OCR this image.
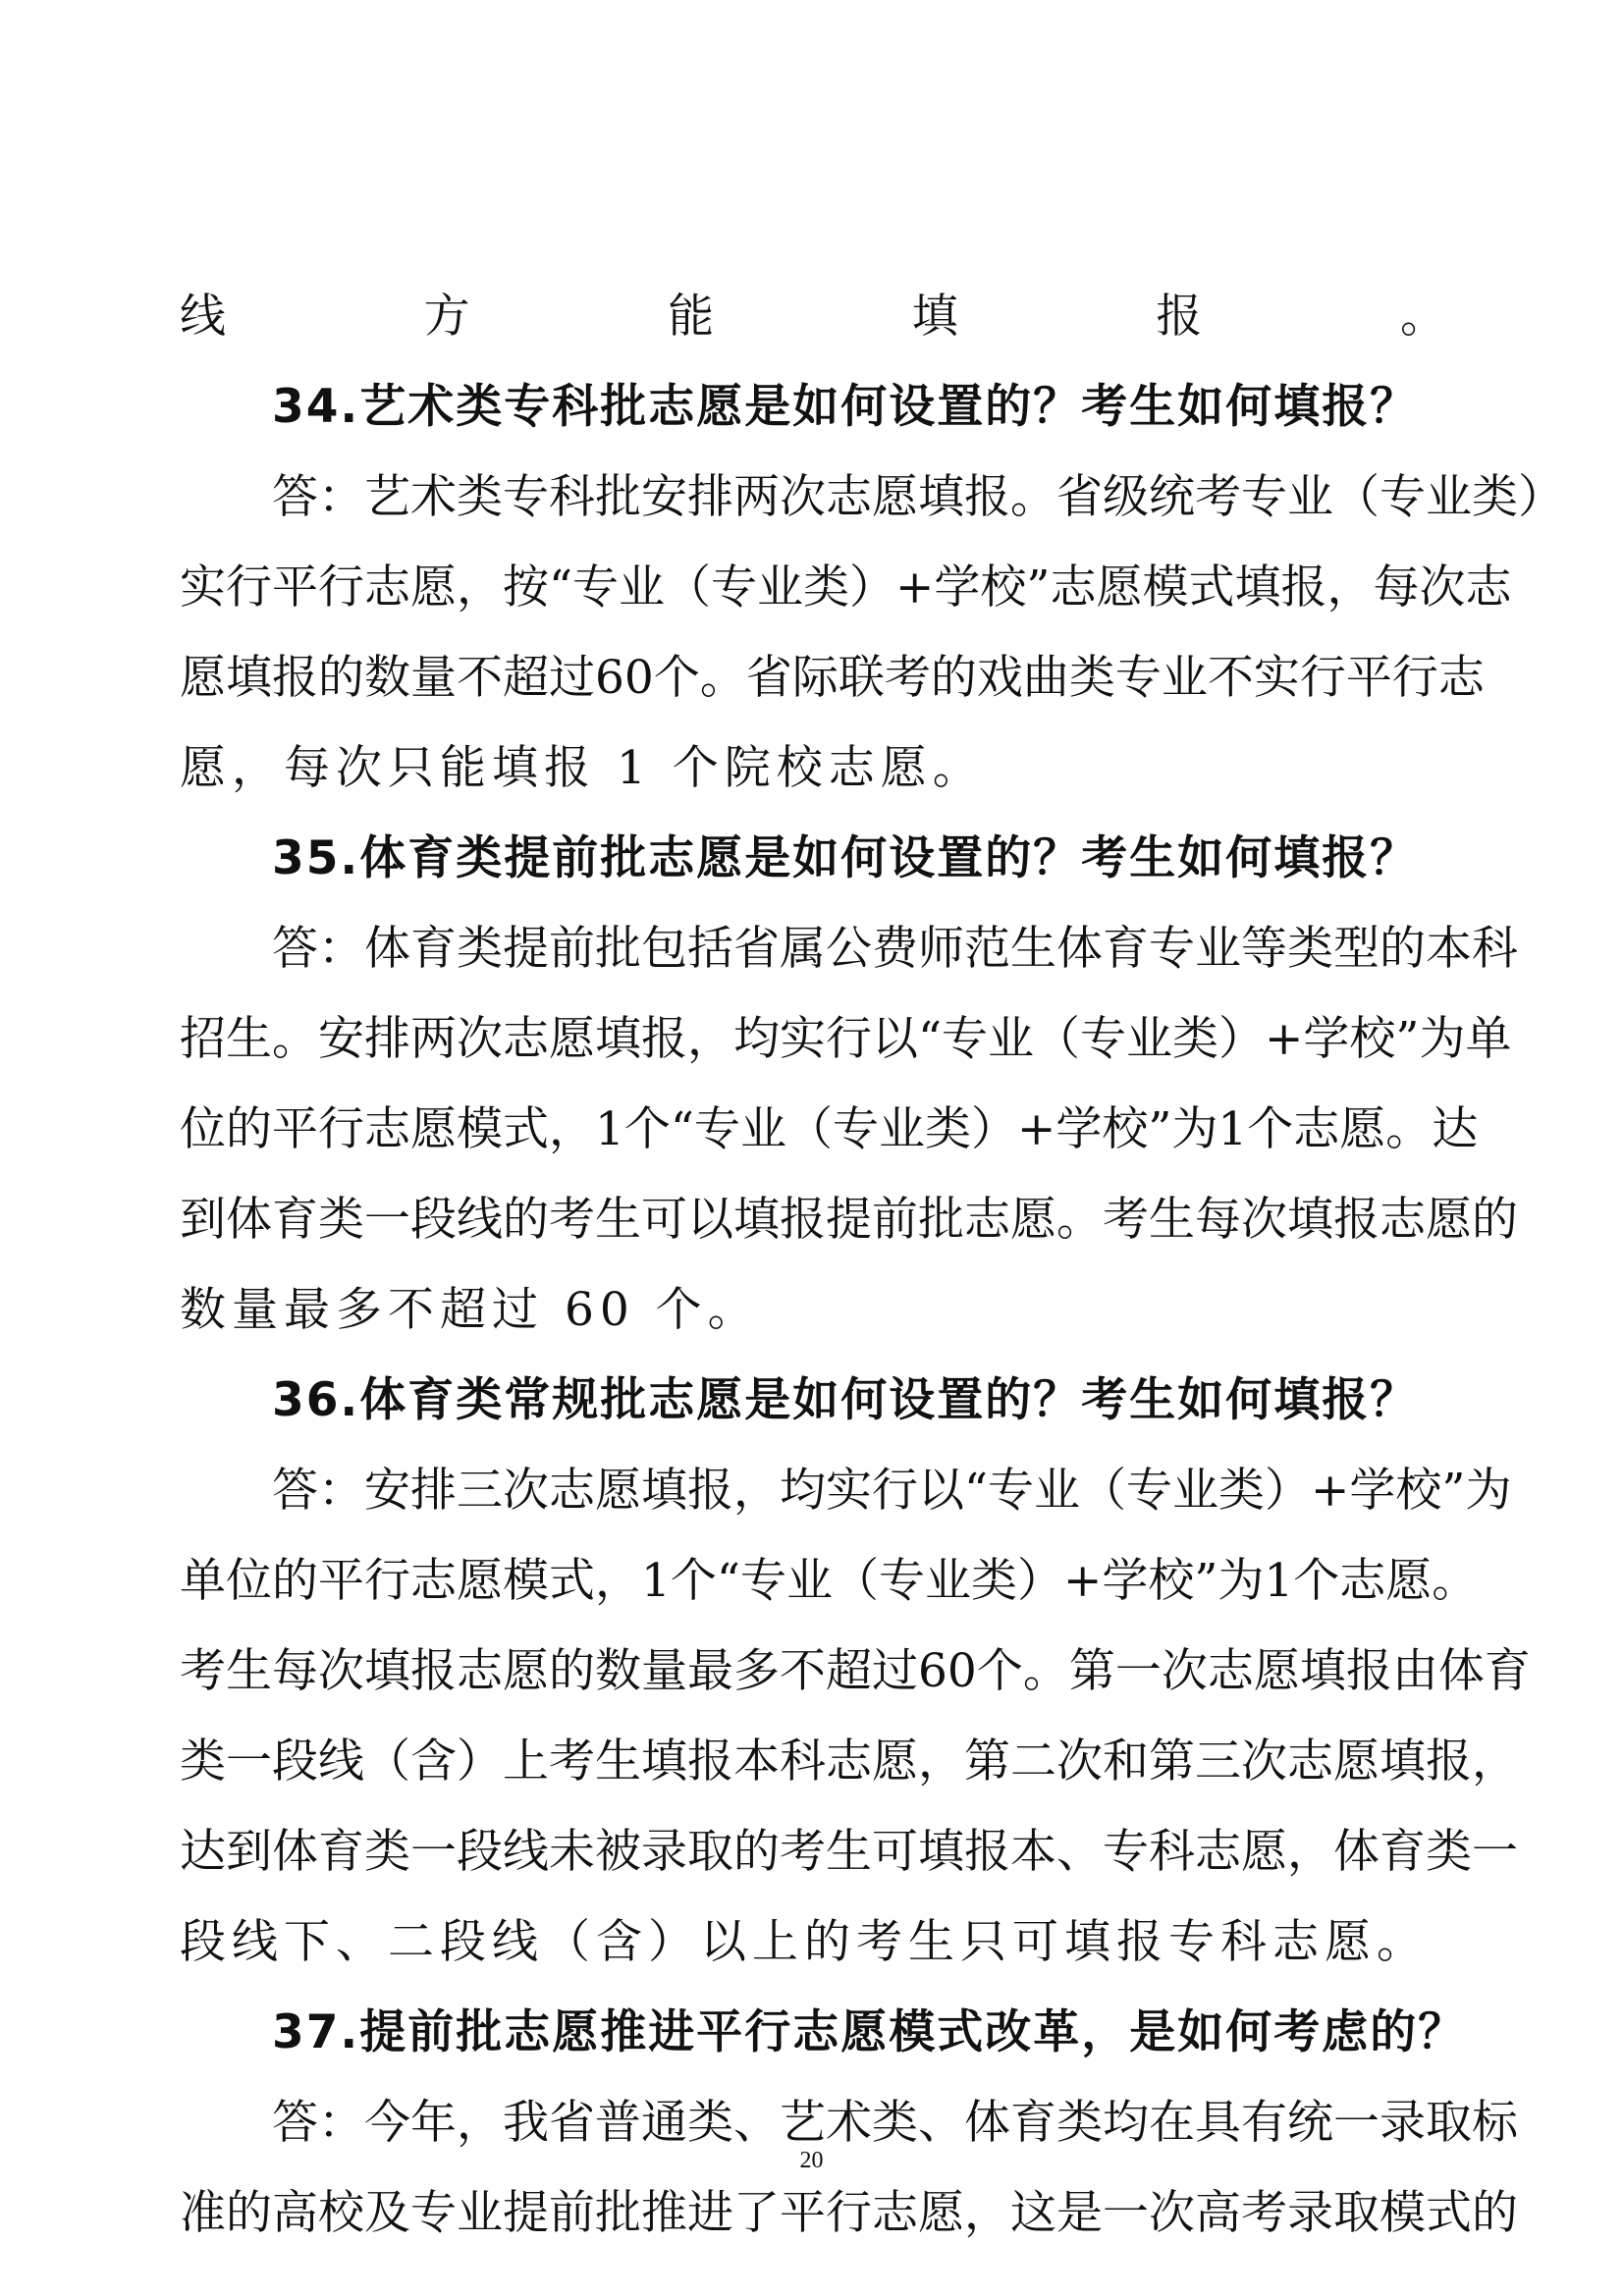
线	方	能	填	报	。
34.艺术类专科批志愿是如何设置的？考生如何填报？
答 ： 艺 术 类 专 科 批 安 排 两 次 志 愿 填 报 。 省 级 统 考 专 业 （ 专 业 类 ）
实 行 平 行 志 愿 ， 按 “ 专 业 （ 专 业 类 ） + 学 校 ” 志 愿 模 式 填 报 ， 每 次 志
愿 填 报 的 数 量 不 超 过 60 个 。 省 际 联 考 的 戏 曲 类 专 业 不 实 行 平 行 志
愿，每次只能填报 1 个院校志愿。
35.体育类提前批志愿是如何设置的？考生如何填报？
答 ： 体 育 类 提 前 批 包 括 省 属 公 费 师 范 生 体 育 专 业 等 类 型 的 本 科
招 生 。 安 排 两 次 志 愿 填 报 ， 均 实 行 以 “ 专 业 （ 专 业 类 ） + 学 校 ” 为 单
位 的 平 行 志 愿 模 式 ， 1 个 “ 专 业 （ 专 业 类 ） + 学 校 ” 为 1 个 志 愿 。 达
到 体 育 类 一 段 线 的 考 生 可 以 填 报 提 前 批 志 愿 。 考 生 每 次 填 报 志 愿 的
数量最多不超过 60 个。
36.体育类常规批志愿是如何设置的？考生如何填报？
答 ： 安 排 三 次 志 愿 填 报 ， 均 实 行 以 “ 专 业 （ 专 业 类 ） + 学 校 ” 为
单 位 的 平 行 志 愿 模 式 ， 1 个 “ 专 业 （ 专 业 类 ） + 学 校 ” 为 1 个 志 愿 。
考 生 每 次 填 报 志 愿 的 数 量 最 多 不 超 过 60 个 。 第 一 次 志 愿 填 报 由 体 育
类 一 段 线 （ 含 ） 上 考 生 填 报 本 科 志 愿 ， 第 二 次 和 第 三 次 志 愿 填 报 ，
达 到 体 育 类 一 段 线 未 被 录 取 的 考 生 可 填 报 本 、 专 科 志 愿 ， 体 育 类 一
段线下、二段线（含）以上的考生只可填报专科志愿。
37.提前批志愿推进平行志愿模式改革，是如何考虑的？
答 ： 今 年 ， 我 省 普 通 类 、 艺 术 类 、 体 育 类 均 在 具 有 统 一 录 取 标
准 的 高 校 及 专 业 提 前 批 推 进 了 平 行 志 愿 ， 这 是 一 次 高 考 录 取 模 式 的
20
